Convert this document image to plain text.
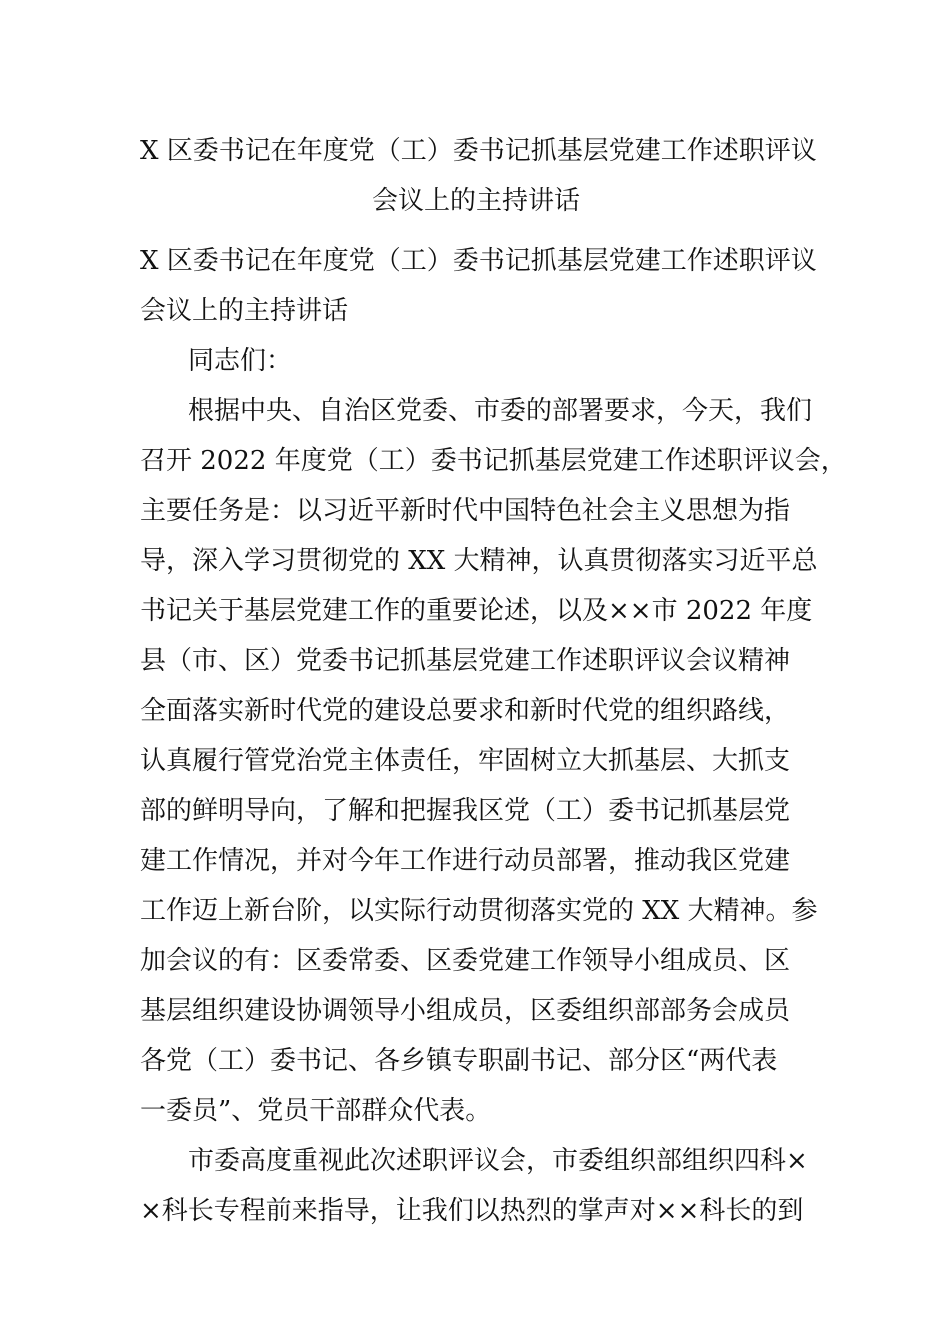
X 区委书记在年度党（工）委书记抓基层党建工作述职评议
会议上的主持讲话
X 区委书记在年度党（工）委书记抓基层党建工作述职评议
会议上的主持讲话
同志们：
根据中央、自治区党委、市委的部署要求，今天，我们
召开 2022 年度党（工）委书记抓基层党建工作述职评议会，
主要任务是：以习近平新时代中国特色社会主义思想为指
导，深入学习贯彻党的 XX 大精神，认真贯彻落实习近平总
书记关于基层党建工作的重要论述，以及××市 2022 年度
县（市、区）党委书记抓基层党建工作述职评议会议精神
全面落实新时代党的建设总要求和新时代党的组织路线，
认真履行管党治党主体责任，牢固树立大抓基层、大抓支
部的鲜明导向，了解和把握我区党（工）委书记抓基层党
建工作情况，并对今年工作进行动员部署，推动我区党建
工作迈上新台阶，以实际行动贯彻落实党的 XX 大精神。参
加会议的有：区委常委、区委党建工作领导小组成员、区
基层组织建设协调领导小组成员，区委组织部部务会成员
各党（工）委书记、各乡镇专职副书记、部分区“两代表
一委员”、党员干部群众代表。
市委高度重视此次述职评议会，市委组织部组织四科×
×科长专程前来指导，让我们以热烈的掌声对××科长的到
